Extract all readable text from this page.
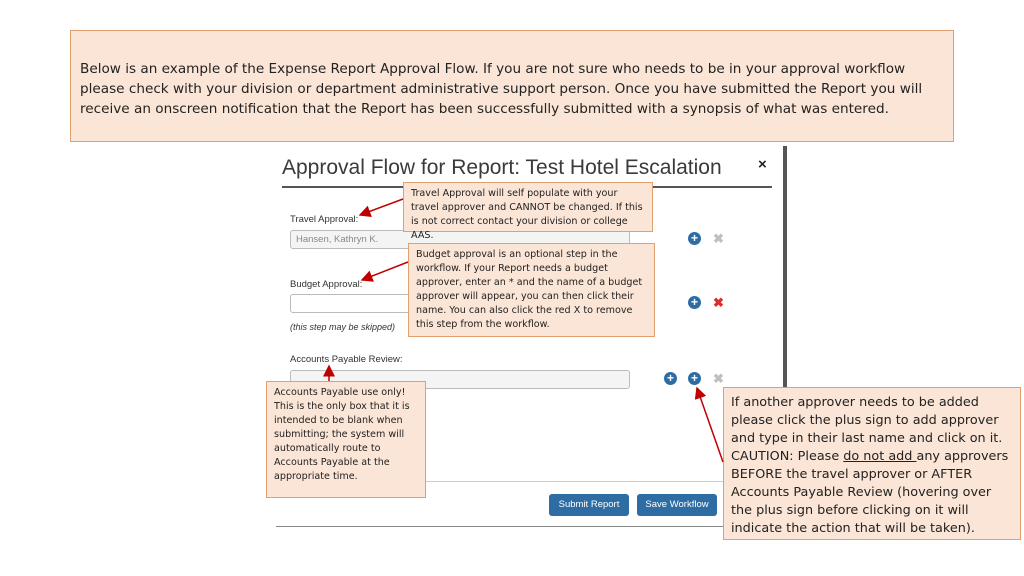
Below is an example of the Expense Report Approval Flow. If you are not sure who needs to be in your approval workflow please check with your division or department administrative support person. Once you have submitted the Report you will receive an onscreen notification that the Report has been successfully submitted with a synopsis of what was entered.
Approval Flow for Report: Test Hotel Escalation ×
Travel Approval:
Hansen, Kathryn K.	+ ✖
Budget Approval:
(this step may be skipped)
+ ✖
Accounts Payable Review:
+ + ✖
Submit Report	Save Workflow
Travel Approval will self populate with your travel approver and CANNOT be changed. If this is not correct contact your division or college AAS.
Budget approval is an optional step in the workflow. If your Report needs a budget approver, enter an * and the name of a budget approver will appear, you can then click their name. You can also click the red X to remove this step from the workflow.
Accounts Payable use only! This is the only box that it is intended to be blank when submitting; the system will automatically route to Accounts Payable at the appropriate time.
If another approver needs to be added please click the plus sign to add approver and type in their last name and click on it. CAUTION: Please do not add any approvers BEFORE the travel approver or AFTER Accounts Payable Review (hovering over the plus sign before clicking on it will indicate the action that will be taken).
